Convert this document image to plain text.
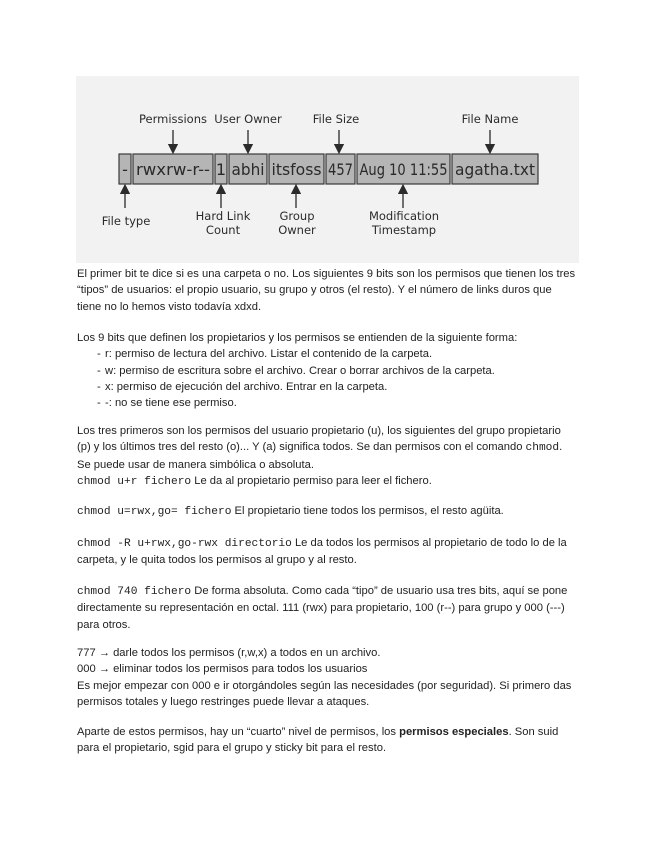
Permissions User Owner	File Size	File Name
- rwxrw-r-- 1 abhi itsfoss 457 Aug 10 11:55 agatha.txt
File type	Hard Link
Count
Group
Owner
Modification
Timestamp

El primer bit te dice si es una carpeta o no. Los siguientes 9 bits son los permisos que tienen los tres “tipos” de usuarios: el propio usuario, su grupo y otros (el resto). Y el número de links duros que tiene no lo hemos visto todavía xdxd.

Los 9 bits que definen los propietarios y los permisos se entienden de la siguiente forma:

- r: permiso de lectura del archivo. Listar el contenido de la carpeta.
- w: permiso de escritura sobre el archivo. Crear o borrar archivos de la carpeta.
- x: permiso de ejecución del archivo. Entrar en la carpeta.
- -: no se tiene ese permiso.

Los tres primeros son los permisos del usuario propietario (u), los siguientes del grupo propietario (p) y los últimos tres del resto (o)... Y (a) significa todos. Se dan permisos con el comando chmod. Se puede usar de manera simbólica o absoluta.

chmod u+r fichero Le da al propietario permiso para leer el fichero.

chmod u=rwx,go= fichero El propietario tiene todos los permisos, el resto agüita.

chmod -R u+rwx,go-rwx directorio Le da todos los permisos al propietario de todo lo de la carpeta, y le quita todos los permisos al grupo y al resto.

chmod 740 fichero De forma absoluta. Como cada “tipo” de usuario usa tres bits, aquí se pone directamente su representación en octal. 111 (rwx) para propietario, 100 (r--) para grupo y 000 (---) para otros.

777 → darle todos los permisos (r,w,x) a todos en un archivo.

000 → eliminar todos los permisos para todos los usuarios

Es mejor empezar con 000 e ir otorgándoles según las necesidades (por seguridad). Si primero das permisos totales y luego restringes puede llevar a ataques.

Aparte de estos permisos, hay un “cuarto” nivel de permisos, los permisos especiales. Son suid para el propietario, sgid para el grupo y sticky bit para el resto.
